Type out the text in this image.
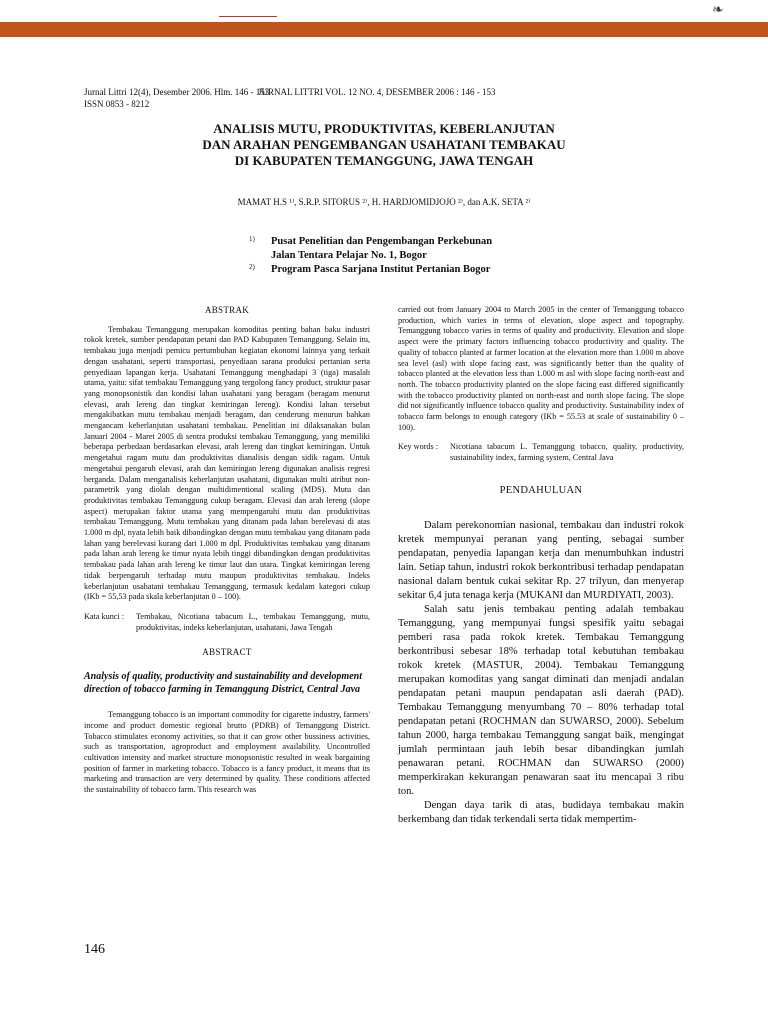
❧
Jurnal Littri 12(4), Desember 2006. Hlm. 146 - 153
ISSN 0853 - 8212
JURNAL LITTRI VOL. 12 NO. 4, DESEMBER 2006 : 146 - 153
ANALISIS MUTU, PRODUKTIVITAS, KEBERLANJUTAN
DAN ARAHAN PENGEMBANGAN USAHATANI TEMBAKAU
DI KABUPATEN TEMANGGUNG, JAWA TENGAH
MAMAT H.S ¹⁾, S.R.P. SITORUS ²⁾, H. HARDJOMIDJOJO ²⁾, dan A.K. SETA ²⁾
1) Pusat Penelitian dan Pengembangan Perkebunan
Jalan Tentara Pelajar No. 1, Bogor
2) Program Pasca Sarjana Institut Pertanian Bogor
ABSTRAK

Tembakau Temanggung merupakan komoditas penting bahan baku industri rokok kretek, sumber pendapatan petani dan PAD Kabupaten Temanggung. Selain itu, tembakau juga menjadi pemicu pertumbuhan kegiatan ekonomi lainnya yang terkait dengan usahatani, seperti transportasi, penyediaan sarana produksi pertanian serta penyediaan lapangan kerja. Usahatani Temanggung menghadapi 3 (tiga) masalah utama, yaitu: sifat tembakau Temanggung yang tergolong fancy product, struktur pasar yang monopsonistik dan kondisi lahan usahatani yang beragam (beragam menurut elevasi, arah lereng dan tingkat kemiringan lereng). Kondisi lahan tersebut mengakibatkan mutu tembakau menjadi beragam, dan cenderung menurun bahkan mengancam keberlanjutan usahatani tembakau. Penelitian ini dilaksanakan bulan Januari 2004 - Maret 2005 di sentra produksi tembakau Temanggung, yang memiliki beberapa perbedaan berdasarkan elevasi, arah lereng dan tingkat kemiringan. Untuk mengetahui ragam mutu dan produktivitas dianalisis dengan sidik ragam. Untuk mengetahui pengaruh elevasi, arah dan kemiringan lereng digunakan analisis regresi berganda. Dalam menganalisis keberlanjutan usahatani, digunakan multi atribut non-parametrik yang diolah dengan multidimentional scaling (MDS). Mutu dan produktivitas tembakau Temanggung cukup beragam. Elevasi dan arah lereng (slope aspect) merupakan faktor utama yang mempengaruhi mutu dan produktivitas tembakau Temanggung. Mutu tembakau yang ditanam pada lahan berelevasi di atas 1.000 m dpl, nyata lebih baik dibandingkan dengan mutu tembakau yang ditanam pada lahan yang berelevasi kurang dari 1.000 m dpl. Produktivitas tembakau yang ditanam pada lahan arah lereng ke timur nyata lebih tinggi dibandingkan dengan produktivitas tembakau pada lahan arah lereng ke timur laut dan utara. Tingkat kemiringan lereng tidak berpengaruh terhadap mutu maupun produktivitas tembakau. Indeks keberlanjutan usahatani tembakau Temanggung, termasuk kedalam kategori cukup (IKb = 55,53 pada skala keberlanjutan 0 – 100).

Kata kunci :	Tembakau, Nicotiana tabacum L., tembakau Temanggung, mutu, produktivitas, indeks keberlanjutan, usahatani, Jawa Tengah
ABSTRACT
Analysis of quality, productivity and sustainability and development direction of tobacco farming in Temanggung District, Central Java

Temanggung tobacco is an important commodity for cigarette industry, farmers' income and product domestic regional brutto (PDRB) of Temanggung District. Tobacco stimulates economy activities, so that it can grow other bussiness activities, such as transportation, agroproduct and employment availability. Uncontrolled cultivation intensity and market structure monopsonistic resulted in weak bargaining position of farmer in marketing tobacco. Tobacco is a fancy product, it means that its marketing and transaction are very determined by quality. These conditions affected the sustainability of tobacco farm. This research was

carried out from January 2004 to March 2005 in the center of Temanggung tobacco production, which varies in terms of elevation, slope aspect and topography. Temanggung tobacco varies in terms of quality and productivity. Elevation and slope aspect were the primary factors influencing tobacco productivity and quality. The quality of tobacco planted at farmer location at the elevation more than 1.000 m above sea level (asl) with slope facing east, was significantly better than the quality of tobacco planted at the elevation less than 1.000 m asl with slope facing north-east and north. The tobacco productivity planted on the slope facing east differed significantly with the tobacco productivity planted on north-east and north slope facing. The slope did not significantly influence tobacco quality and productivity. Sustainability index of tobacco farm belongs to enough category (IKb = 55.53 at scale of sustainability 0 – 100).

Key words :	Nicotiana tabacum L. Temanggung tobacco, quality, productivity, sustainability index, farming system, Central Java
PENDAHULUAN

Dalam perekonomian nasional, tembakau dan industri rokok kretek mempunyai peranan yang penting, sebagai sumber pendapatan, penyedia lapangan kerja dan menumbuhkan industri lain. Setiap tahun, industri rokok berkontribusi terhadap pendapatan nasional dalam bentuk cukai sekitar Rp. 27 trilyun, dan menyerap sekitar 6,4 juta tenaga kerja (MUKANI dan MURDIYATI, 2003).

Salah satu jenis tembakau penting adalah tembakau Temanggung, yang mempunyai fungsi spesifik yaitu sebagai pemberi rasa pada rokok kretek. Tembakau Temanggung berkontribusi sebesar 18% terhadap total kebutuhan tembakau rokok kretek (MASTUR, 2004). Tembakau Temanggung merupakan komoditas yang sangat diminati dan menjadi andalan pendapatan petani maupun pendapatan asli daerah (PAD). Tembakau Temanggung menyumbang 70 – 80% terhadap total pendapatan petani (ROCHMAN dan SUWARSO, 2000). Sebelum tahun 2000, harga tembakau Temanggung sangat baik, mengingat jumlah permintaan jauh lebih besar dibandingkan jumlah penawaran petani. ROCHMAN dan SUWARSO (2000) memperkirakan kekurangan penawaran saat itu mencapai 3 ribu ton.

Dengan daya tarik di atas, budidaya tembakau makin berkembang dan tidak terkendali serta tidak mempertim-

146
